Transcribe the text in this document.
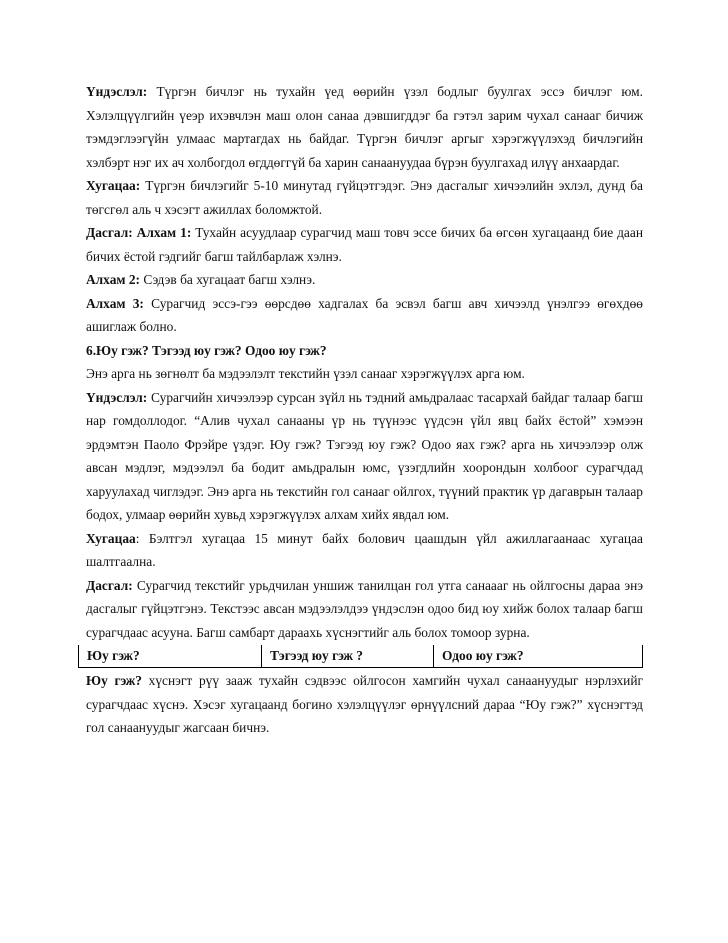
Үндэслэл: Түргэн бичлэг нь тухайн үед өөрийн үзэл бодлыг буулгах эссэ бичлэг юм. Хэлэлцүүлгийн үеэр ихэвчлэн маш олон санаа дэвшигддэг ба гэтэл зарим чухал санааг бичиж тэмдэглээгүйн улмаас мартагдах нь байдаг. Түргэн бичлэг аргыг хэрэгжүүлэхэд бичлэгийн хэлбэрт нэг их ач холбогдол өгддөггүй ба харин санаануудаа бүрэн буулгахад илүү анхаардаг.

Хугацаа: Түргэн бичлэгийг 5-10 минутад гүйцэтгэдэг. Энэ дасгалыг хичээлийн эхлэл, дунд ба төгсгөл аль ч хэсэгт ажиллах боломжтой.

Дасгал: Алхам 1: Тухайн асуудлаар сурагчид маш товч эссе бичих ба өгсөн хугацаанд бие даан бичих ёстой гэдгийг багш тайлбарлаж хэлнэ.

Алхам 2: Сэдэв ба хугацаат багш хэлнэ.

Алхам 3: Сурагчид эссэ-гээ өөрсдөө хадгалах ба эсвэл багш авч хичээлд үнэлгээ өгөхдөө ашиглаж болно.

6.Юу гэж? Тэгээд юу гэж? Одоо юу гэж?

Энэ арга нь зөгнөлт ба мэдээлэлт текстийн үзэл санааг хэрэгжүүлэх арга юм.

Үндэслэл: Сурагчийн хичээлээр сурсан зүйл нь тэдний амьдралаас тасархай байдаг талаар багш нар гомдоллодог. “Алив чухал санааны үр нь түүнээс үүдсэн үйл явц байх ёстой” хэмээн эрдэмтэн Паоло Фрэйре үздэг. Юу гэж? Тэгээд юу гэж? Одоо яах гэж? арга нь хичээлээр олж авсан мэдлэг, мэдээлэл ба бодит амьдралын юмс, үзэгдлийн хоорондын холбоог сурагчдад харуулахад чиглэдэг. Энэ арга нь текстийн гол санааг ойлгох, түүний практик үр дагаврын талаар бодох, улмаар өөрийн хувьд хэрэгжүүлэх алхам хийх явдал юм.

Хугацаа: Бэлтгэл хугацаа 15 минут байх болович цаашдын үйл ажиллагаанаас хугацаа шалтгаална.

Дасгал: Сурагчид текстийг урьдчилан уншиж танилцан гол утга санаааг нь ойлгосны дараа энэ дасгалыг гүйцэтгэнэ. Текстээс авсан мэдээлэлдээ үндэслэн одоо бид юу хийж болох талаар багш сурагчдаас асууна. Багш самбарт дараахь хүснэгтийг аль болох томоор зурна.

Юу гэж?	Тэгээд юу гэж ?	Одоо юу гэж?

Юу гэж? хүснэгт рүү зааж тухайн сэдвээс ойлгосон хамгийн чухал санаануудыг нэрлэхийг сурагчдаас хүснэ. Хэсэг хугацаанд богино хэлэлцүүлэг өрнүүлсний дараа “Юу гэж?” хүснэгтэд гол санаануудыг жагсаан бичнэ.
